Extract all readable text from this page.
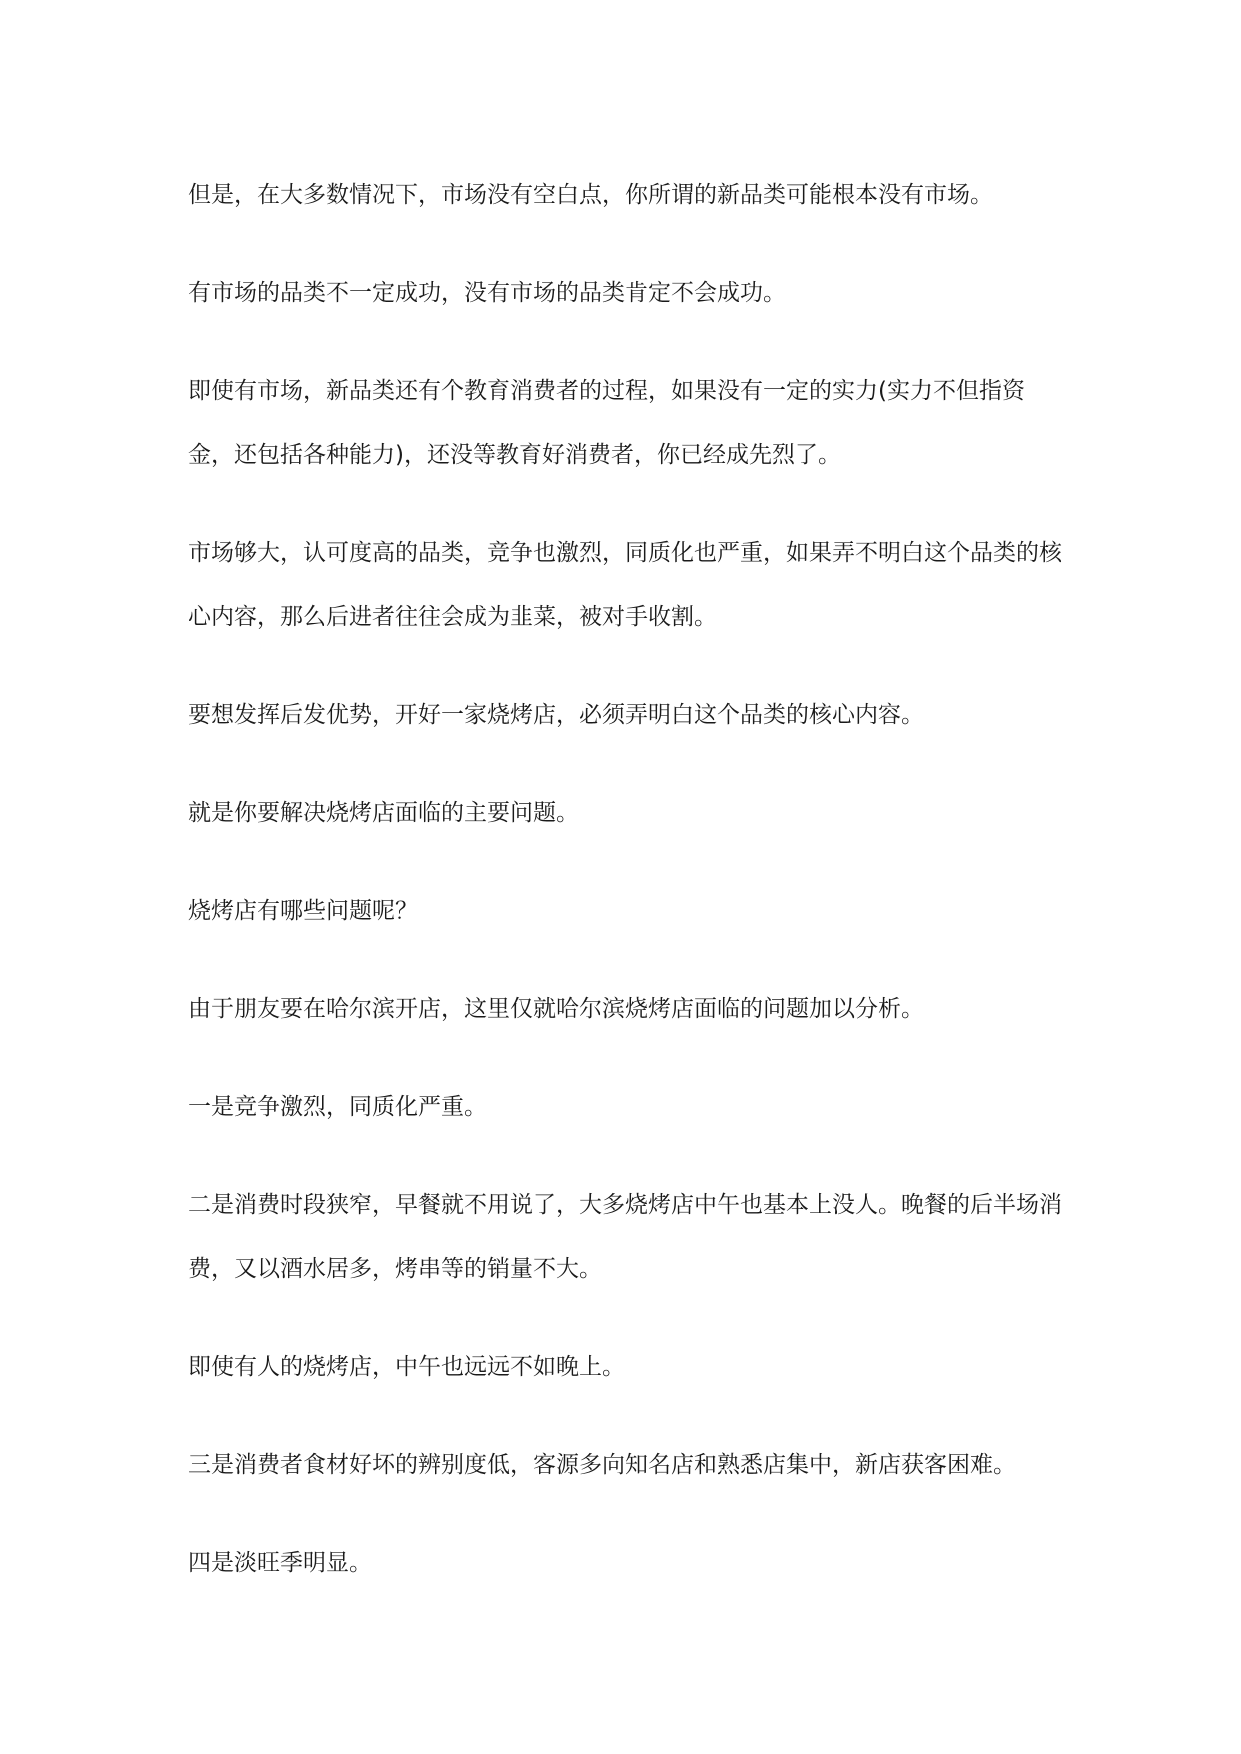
但是，在大多数情况下，市场没有空白点，你所谓的新品类可能根本没有市场。

有市场的品类不一定成功，没有市场的品类肯定不会成功。

即使有市场，新品类还有个教育消费者的过程，如果没有一定的实力(实力不但指资金，还包括各种能力)，还没等教育好消费者，你已经成先烈了。

市场够大，认可度高的品类，竞争也激烈，同质化也严重，如果弄不明白这个品类的核心内容，那么后进者往往会成为韭菜，被对手收割。

要想发挥后发优势，开好一家烧烤店，必须弄明白这个品类的核心内容。

就是你要解决烧烤店面临的主要问题。

烧烤店有哪些问题呢？

由于朋友要在哈尔滨开店，这里仅就哈尔滨烧烤店面临的问题加以分析。

一是竞争激烈，同质化严重。

二是消费时段狭窄，早餐就不用说了，大多烧烤店中午也基本上没人。晚餐的后半场消费，又以酒水居多，烤串等的销量不大。

即使有人的烧烤店，中午也远远不如晚上。

三是消费者食材好坏的辨别度低，客源多向知名店和熟悉店集中，新店获客困难。

四是淡旺季明显。
